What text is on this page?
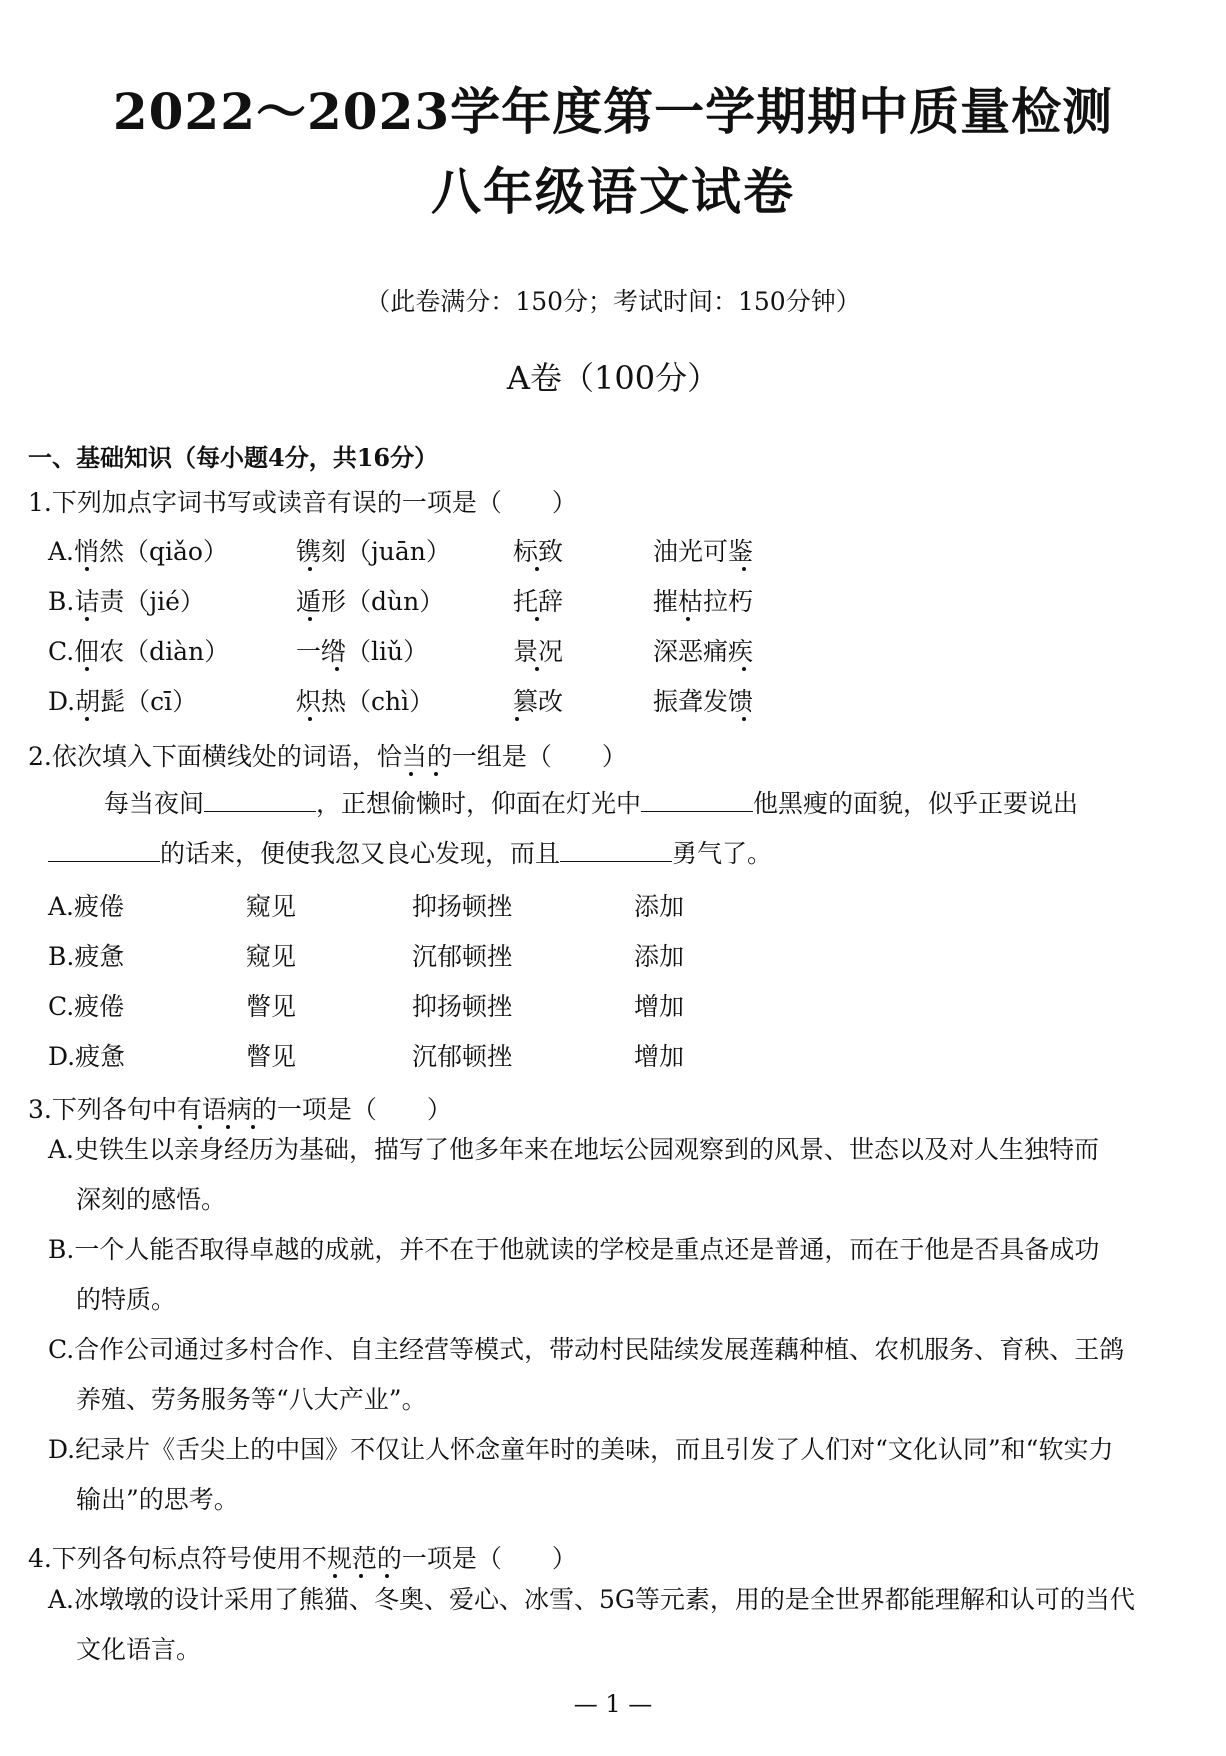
2022～2023学年度第一学期期中质量检测
八年级语文试卷
（此卷满分：150分；考试时间：150分钟）
A卷（100分）
一、基础知识（每小题4分，共16分）
1.下列加点字词书写或读音有误的一项是（　　）
A.悄然（qiǎo）	镌刻（juān） 标致	油光可鉴
B.诘责（jié）	遁形（dùn）	托辞	摧枯拉朽
C.佃农（diàn）	一绺（liǔ）	景况	深恶痛疾
D.胡髭（cī）	炽热（chì）	篡改	振聋发馈
2.依次填入下面横线处的词语，恰当的一组是（　　）
每当夜间	，正想偷懒时，仰面在灯光中	他黑瘦的面貌，似乎正要说出
的话来，便使我忽又良心发现，而且	勇气了。
A.疲倦	窥见	抑扬顿挫	添加
B.疲惫	窥见	沉郁顿挫	添加
C.疲倦	瞥见	抑扬顿挫	增加
D.疲惫	瞥见	沉郁顿挫	增加
3.下列各句中有语病的一项是（　　）
A.史铁生以亲身经历为基础，描写了他多年来在地坛公园观察到的风景、世态以及对人生独特而
深刻的感悟。
B.一个人能否取得卓越的成就，并不在于他就读的学校是重点还是普通，而在于他是否具备成功
的特质。
C.合作公司通过多村合作、自主经营等模式，带动村民陆续发展莲藕种植、农机服务、育秧、王鸽
养殖、劳务服务等“八大产业”。
D.纪录片《舌尖上的中国》不仅让人怀念童年时的美味，而且引发了人们对“文化认同”和“软实力
输出”的思考。
4.下列各句标点符号使用不规范的一项是（　　）
A.冰墩墩的设计采用了熊猫、冬奥、爱心、冰雪、5G等元素，用的是全世界都能理解和认可的当代
文化语言。
— 1 —
